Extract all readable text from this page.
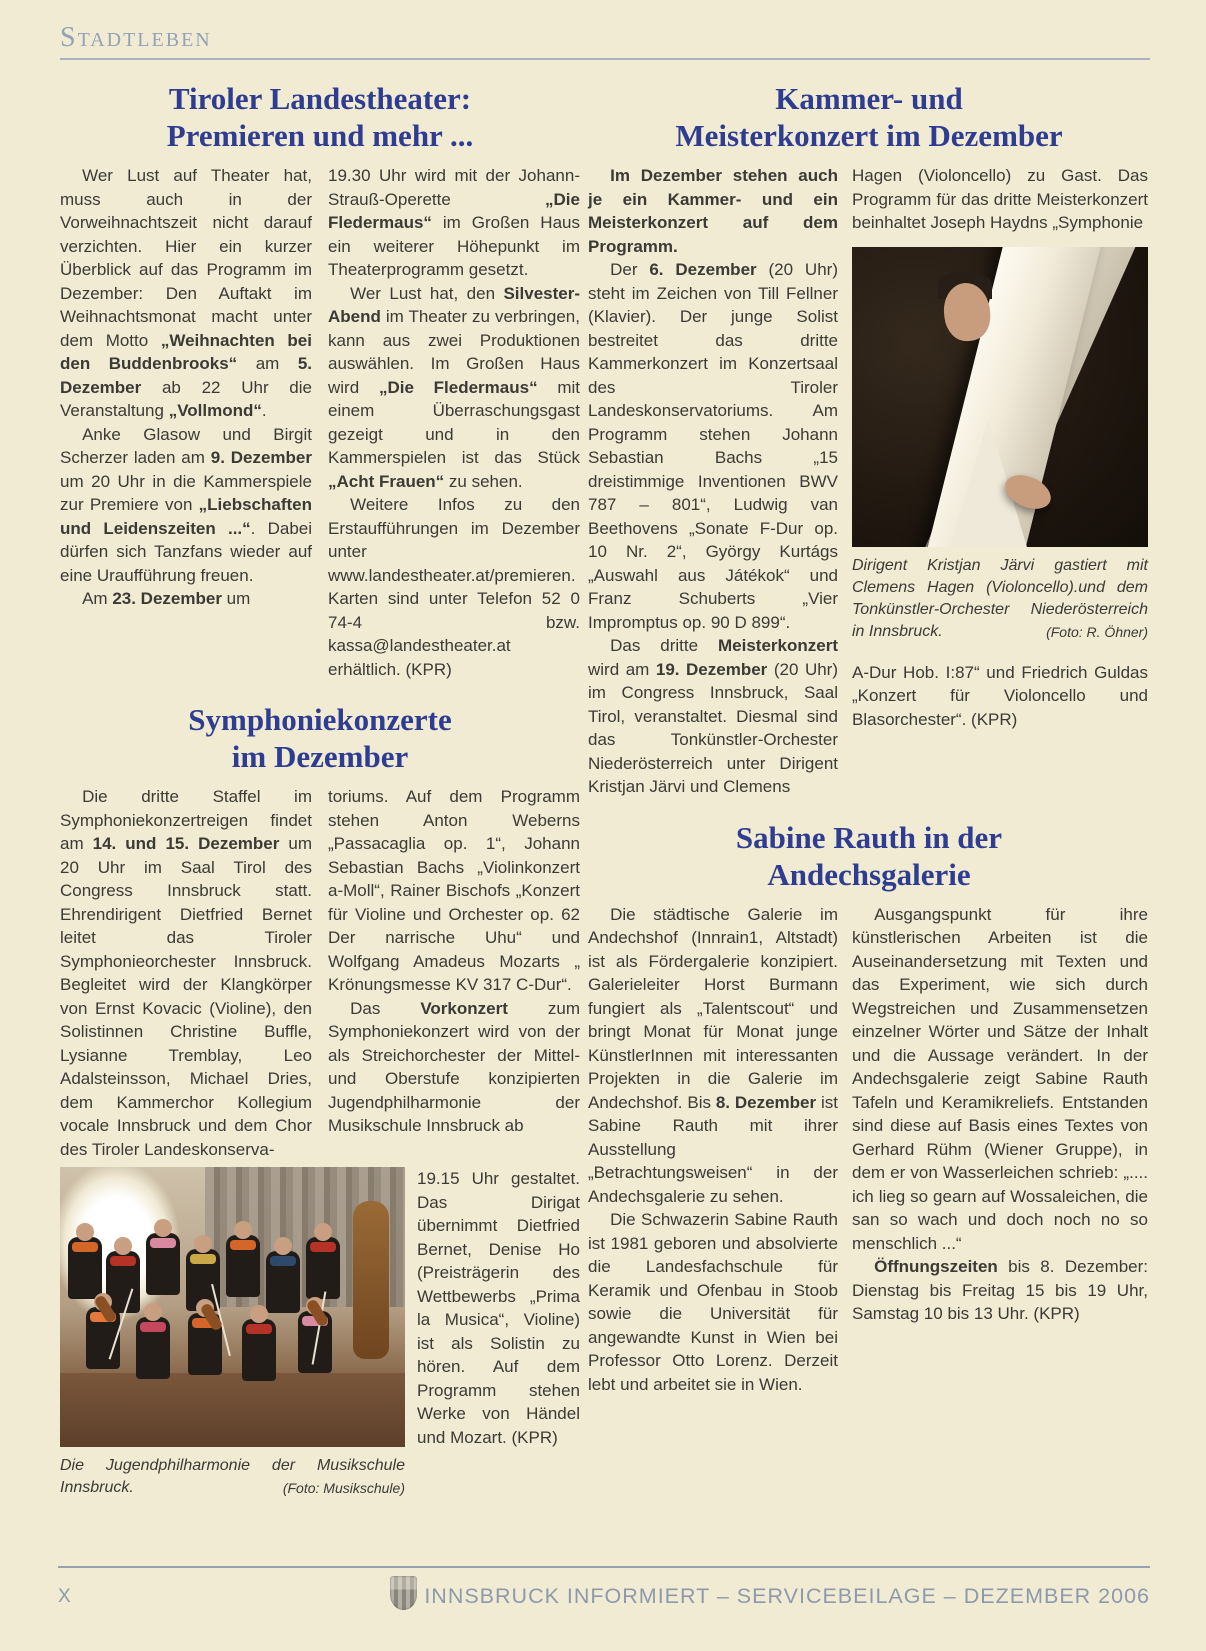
Stadtleben
Tiroler Landestheater:
Premieren und mehr ...

Wer Lust auf Theater hat, muss auch in der Vorweihnachtszeit nicht darauf verzichten. Hier ein kurzer Überblick auf das Programm im Dezember: Den Auftakt im Weihnachtsmonat macht unter dem Motto „Weihnachten bei den Buddenbrooks“ am 5. Dezember ab 22 Uhr die Veranstaltung „Vollmond“.

Anke Glasow und Birgit Scherzer laden am 9. Dezember um 20 Uhr in die Kammerspiele zur Premiere von „Liebschaften und Leidenszeiten ...“. Dabei dürfen sich Tanzfans wieder auf eine Uraufführung freuen.

Am 23. Dezember um

19.30 Uhr wird mit der Johann-Strauß-Operette „Die Fledermaus“ im Großen Haus ein weiterer Höhepunkt im Theaterprogramm gesetzt.

Wer Lust hat, den Silvester-Abend im Theater zu verbringen, kann aus zwei Produktionen auswählen. Im Großen Haus wird „Die Fledermaus“ mit einem Überraschungsgast gezeigt und in den Kammerspielen ist das Stück „Acht Frauen“ zu sehen.

Weitere Infos zu den Erstaufführungen im Dezember unter www.landestheater.at/premieren. Karten sind unter Telefon 52 0 74-4 bzw. kassa@landestheater.at erhältlich. (KPR)

Symphoniekonzerte
im Dezember

Die dritte Staffel im Symphoniekonzertreigen findet am 14. und 15. Dezember um 20 Uhr im Saal Tirol des Congress Innsbruck statt. Ehrendirigent Dietfried Bernet leitet das Tiroler Symphonieorchester Innsbruck. Begleitet wird der Klangkörper von Ernst Kovacic (Violine), den Solistinnen Christine Buffle, Lysianne Tremblay, Leo Adalsteinsson, Michael Dries, dem Kammerchor Kollegium vocale Innsbruck und dem Chor des Tiroler Landeskonserva-

toriums. Auf dem Programm stehen Anton Weberns „Passacaglia op. 1“, Johann Sebastian Bachs „Violinkonzert a-Moll“, Rainer Bischofs „Konzert für Violine und Orchester op. 62 Der narrische Uhu“ und Wolfgang Amadeus Mozarts „ Krönungsmesse KV 317 C-Dur“.

Das Vorkonzert zum Symphoniekonzert wird von der als Streichorchester der Mittel- und Oberstufe konzipierten Jugendphilharmonie der Musikschule Innsbruck ab

Die Jugendphilharmonie der Musikschule Innsbruck.	(Foto: Musikschule)

19.15 Uhr gestaltet. Das Dirigat übernimmt Dietfried Bernet, Denise Ho (Preisträgerin des Wettbewerbs „Prima la Musica“, Violine) ist als Solistin zu hören. Auf dem Programm stehen Werke von Händel und Mozart. (KPR)

Kammer- und
Meisterkonzert im Dezember

Im Dezember stehen auch je ein Kammer- und ein Meisterkonzert auf dem Programm.

Der 6. Dezember (20 Uhr) steht im Zeichen von Till Fellner (Klavier). Der junge Solist bestreitet das dritte Kammerkonzert im Konzertsaal des Tiroler Landeskonservatoriums. Am Programm stehen Johann Sebastian Bachs „15 dreistimmige Inventionen BWV 787 – 801“, Ludwig van Beethovens „Sonate F-Dur op. 10 Nr. 2“, György Kurtágs „Auswahl aus Játékok“ und Franz Schuberts „Vier Impromptus op. 90 D 899“.

Das dritte Meisterkonzert wird am 19. Dezember (20 Uhr) im Congress Innsbruck, Saal Tirol, veranstaltet. Diesmal sind das Tonkünstler-Orchester Niederösterreich unter Dirigent Kristjan Järvi und Clemens

Hagen (Violoncello) zu Gast. Das Programm für das dritte Meisterkonzert beinhaltet Joseph Haydns „Symphonie

Dirigent Kristjan Järvi gastiert mit Clemens Hagen (Violoncello).und dem Tonkünstler-Orchester Niederösterreich in Innsbruck.	(Foto: R. Öhner)

A-Dur Hob. I:87“ und Friedrich Guldas „Konzert für Violoncello und Blasorchester“. (KPR)

Sabine Rauth in der
Andechsgalerie

Die städtische Galerie im Andechshof (Innrain1, Altstadt) ist als Fördergalerie konzipiert. Galerieleiter Horst Burmann fungiert als „Talentscout“ und bringt Monat für Monat junge KünstlerInnen mit interessanten Projekten in die Galerie im Andechshof. Bis 8. Dezember ist Sabine Rauth mit ihrer Ausstellung „Betrachtungsweisen“ in der Andechsgalerie zu sehen.

Die Schwazerin Sabine Rauth ist 1981 geboren und absolvierte die Landesfachschule für Keramik und Ofenbau in Stoob sowie die Universität für angewandte Kunst in Wien bei Professor Otto Lorenz. Derzeit lebt und arbeitet sie in Wien.

Ausgangspunkt für ihre künstlerischen Arbeiten ist die Auseinandersetzung mit Texten und das Experiment, wie sich durch Wegstreichen und Zusammensetzen einzelner Wörter und Sätze der Inhalt und die Aussage verändert. In der Andechsgalerie zeigt Sabine Rauth Tafeln und Keramikreliefs. Entstanden sind diese auf Basis eines Textes von Gerhard Rühm (Wiener Gruppe), in dem er von Wasserleichen schrieb: „.... ich lieg so gearn auf Wossaleichen, die san so wach und doch noch no so menschlich ...“

Öffnungszeiten bis 8. Dezember: Dienstag bis Freitag 15 bis 19 Uhr, Samstag 10 bis 13 Uhr. (KPR)

X	INNSBRUCK INFORMIERT – SERVICEBEILAGE – DEZEMBER 2006
